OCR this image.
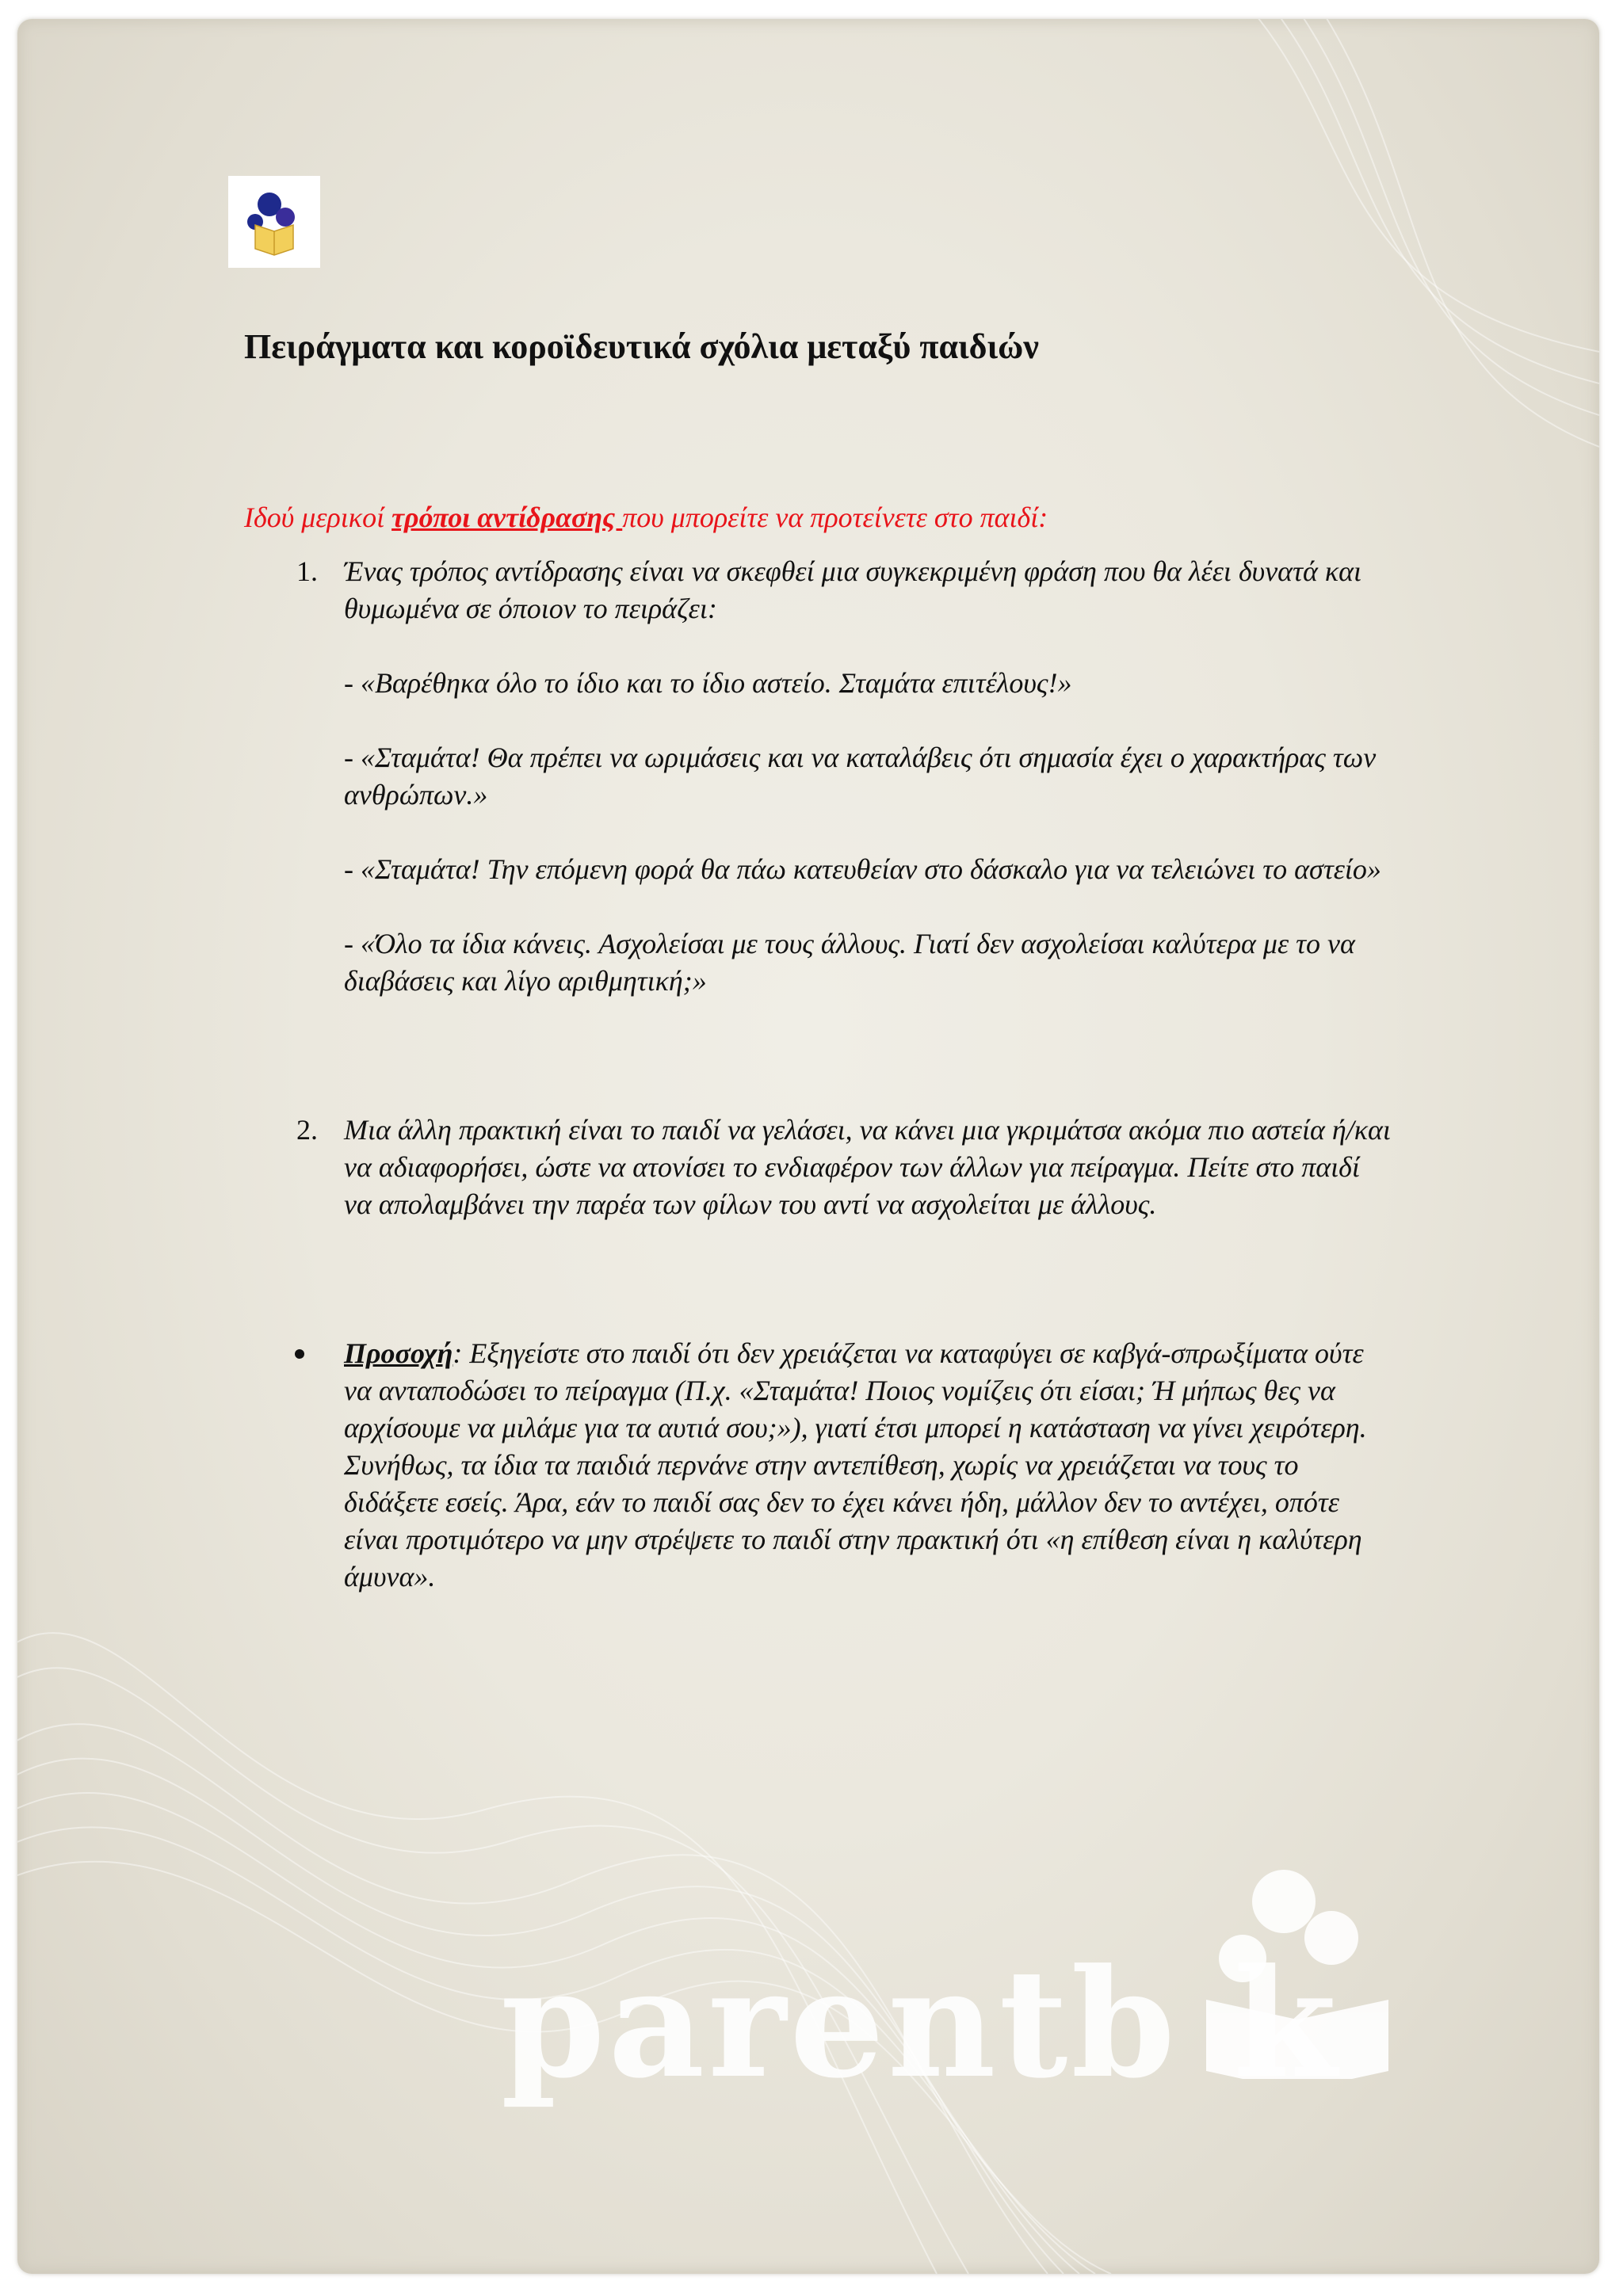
parentb k
Πειράγματα και κοροϊδευτικά σχόλια μεταξύ παιδιών

Ιδού μερικοί τρόποι αντίδρασης που μπορείτε να προτείνετε στο παιδί:

1. Ένας τρόπος αντίδρασης είναι να σκεφθεί μια συγκεκριμένη φράση που θα λέει δυνατά και θυμωμένα σε όποιον το πειράζει:

- «Βαρέθηκα όλο το ίδιο και το ίδιο αστείο. Σταμάτα επιτέλους!»

- «Σταμάτα! Θα πρέπει να ωριμάσεις και να καταλάβεις ότι σημασία έχει ο χαρακτήρας των ανθρώπων.»

- «Σταμάτα! Την επόμενη φορά θα πάω κατευθείαν στο δάσκαλο για να τελειώνει το αστείο»

- «Όλο τα ίδια κάνεις. Ασχολείσαι με τους άλλους. Γιατί δεν ασχολείσαι καλύτερα με το να διαβάσεις και λίγο αριθμητική;»

2. Μια άλλη πρακτική είναι το παιδί να γελάσει, να κάνει μια γκριμάτσα ακόμα πιο αστεία ή/και να αδιαφορήσει, ώστε να ατονίσει το ενδιαφέρον των άλλων για πείραγμα. Πείτε στο παιδί να απολαμβάνει την παρέα των φίλων του αντί να ασχολείται με άλλους.

Προσοχή: Εξηγείστε στο παιδί ότι δεν χρειάζεται να καταφύγει σε καβγά-σπρωξίματα ούτε να ανταποδώσει το πείραγμα (Π.χ. «Σταμάτα! Ποιος νομίζεις ότι είσαι; Ή μήπως θες να αρχίσουμε να μιλάμε για τα αυτιά σου;»), γιατί έτσι μπορεί η κατάσταση να γίνει χειρότερη. Συνήθως, τα ίδια τα παιδιά περνάνε στην αντεπίθεση, χωρίς να χρειάζεται να τους το διδάξετε εσείς. Άρα, εάν το παιδί σας δεν το έχει κάνει ήδη, μάλλον δεν το αντέχει, οπότε είναι προτιμότερο να μην στρέψετε το παιδί στην πρακτική ότι «η επίθεση είναι η καλύτερη άμυνα».
